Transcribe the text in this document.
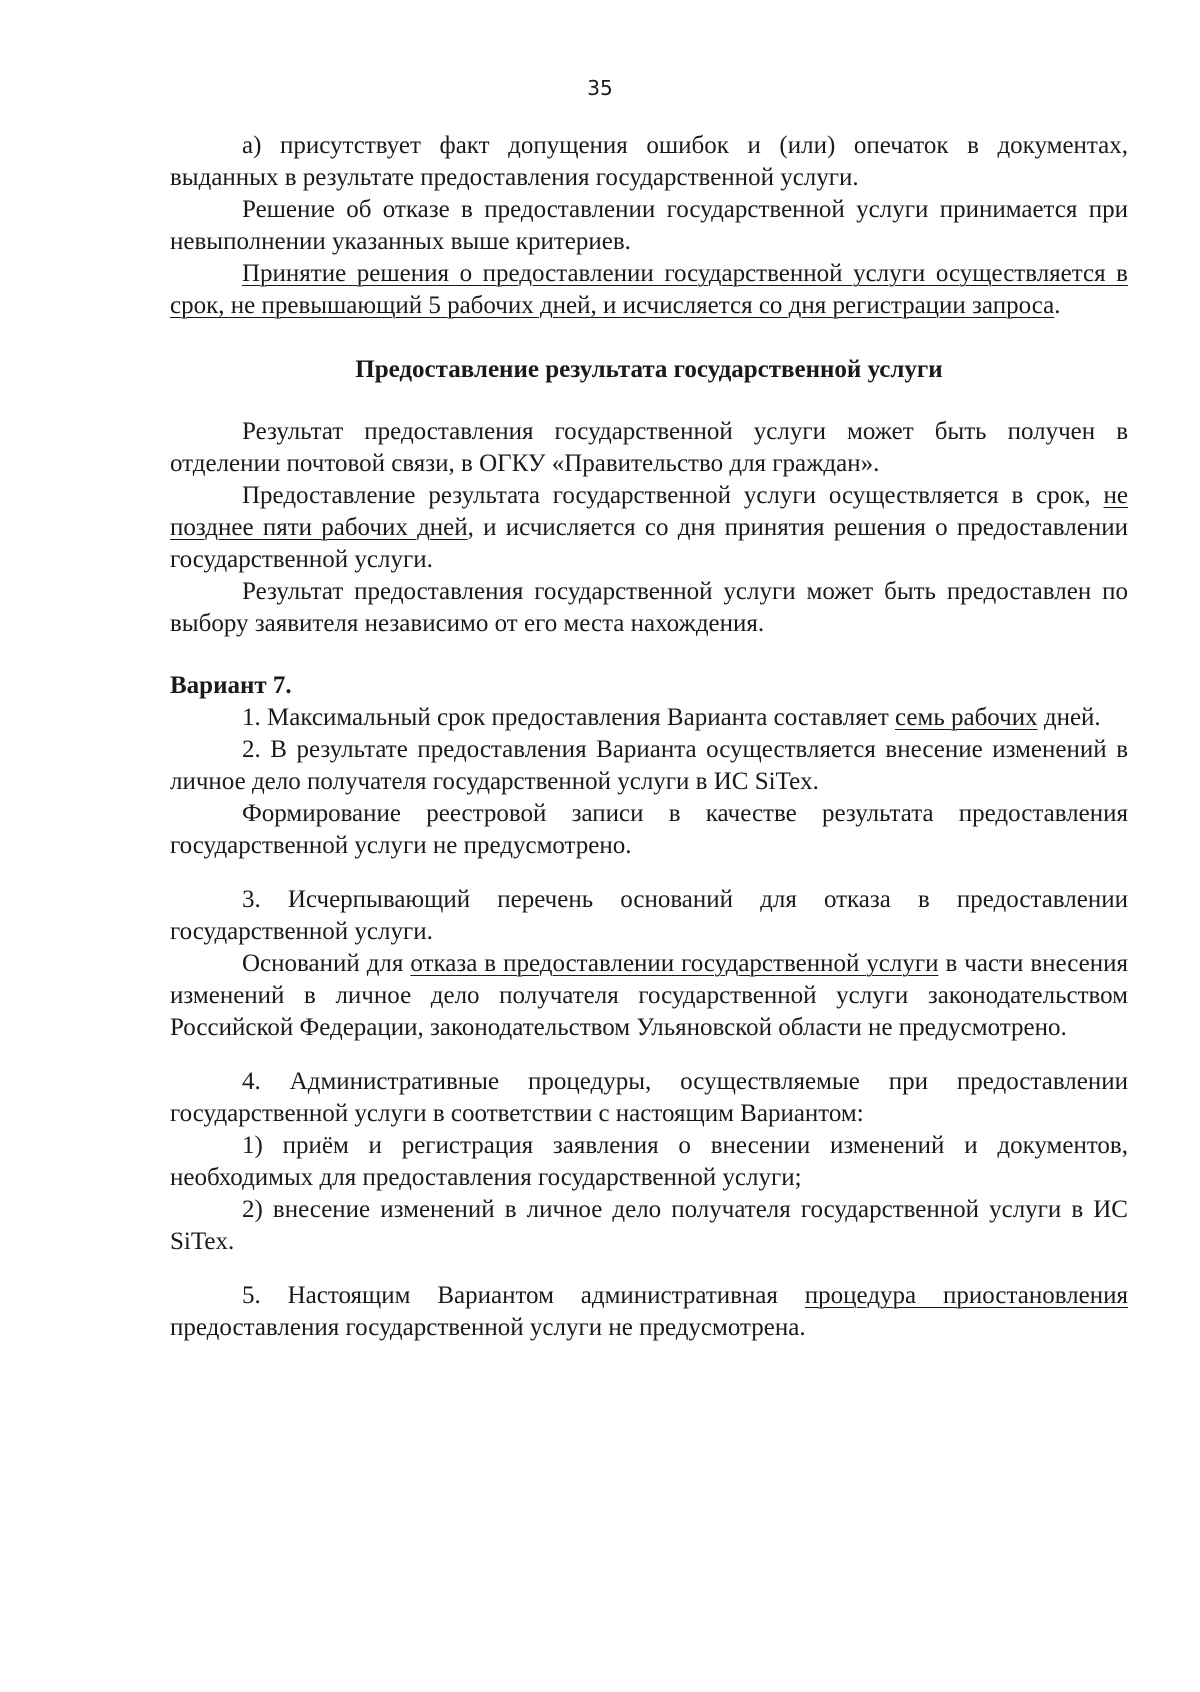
35

а) присутствует факт допущения ошибок и (или) опечаток в документах, выданных в результате предоставления государственной услуги.

Решение об отказе в предоставлении государственной услуги принимается при невыполнении указанных выше критериев.

Принятие решения о предоставлении государственной услуги осуществляется в срок, не превышающий 5 рабочих дней, и исчисляется со дня регистрации запроса.

Предоставление результата государственной услуги

Результат предоставления государственной услуги может быть получен в отделении почтовой связи, в ОГКУ «Правительство для граждан».

Предоставление результата государственной услуги осуществляется в срок, не позднее пяти рабочих дней, и исчисляется со дня принятия решения о предоставлении государственной услуги.

Результат предоставления государственной услуги может быть предоставлен по выбору заявителя независимо от его места нахождения.

Вариант 7.

1. Максимальный срок предоставления Варианта составляет семь рабочих дней.

2. В результате предоставления Варианта осуществляется внесение изменений в личное дело получателя государственной услуги в ИС SiTex.

Формирование реестровой записи в качестве результата предоставления государственной услуги не предусмотрено.

3. Исчерпывающий перечень оснований для отказа в предоставлении государственной услуги.

Оснований для отказа в предоставлении государственной услуги в части внесения изменений в личное дело получателя государственной услуги законодательством Российской Федерации, законодательством Ульяновской области не предусмотрено.

4. Административные процедуры, осуществляемые при предоставлении государственной услуги в соответствии с настоящим Вариантом:

1) приём и регистрация заявления о внесении изменений и документов, необходимых для предоставления государственной услуги;

2) внесение изменений в личное дело получателя государственной услуги в ИС SiTex.

5. Настоящим Вариантом административная процедура приостановления предоставления государственной услуги не предусмотрена.
